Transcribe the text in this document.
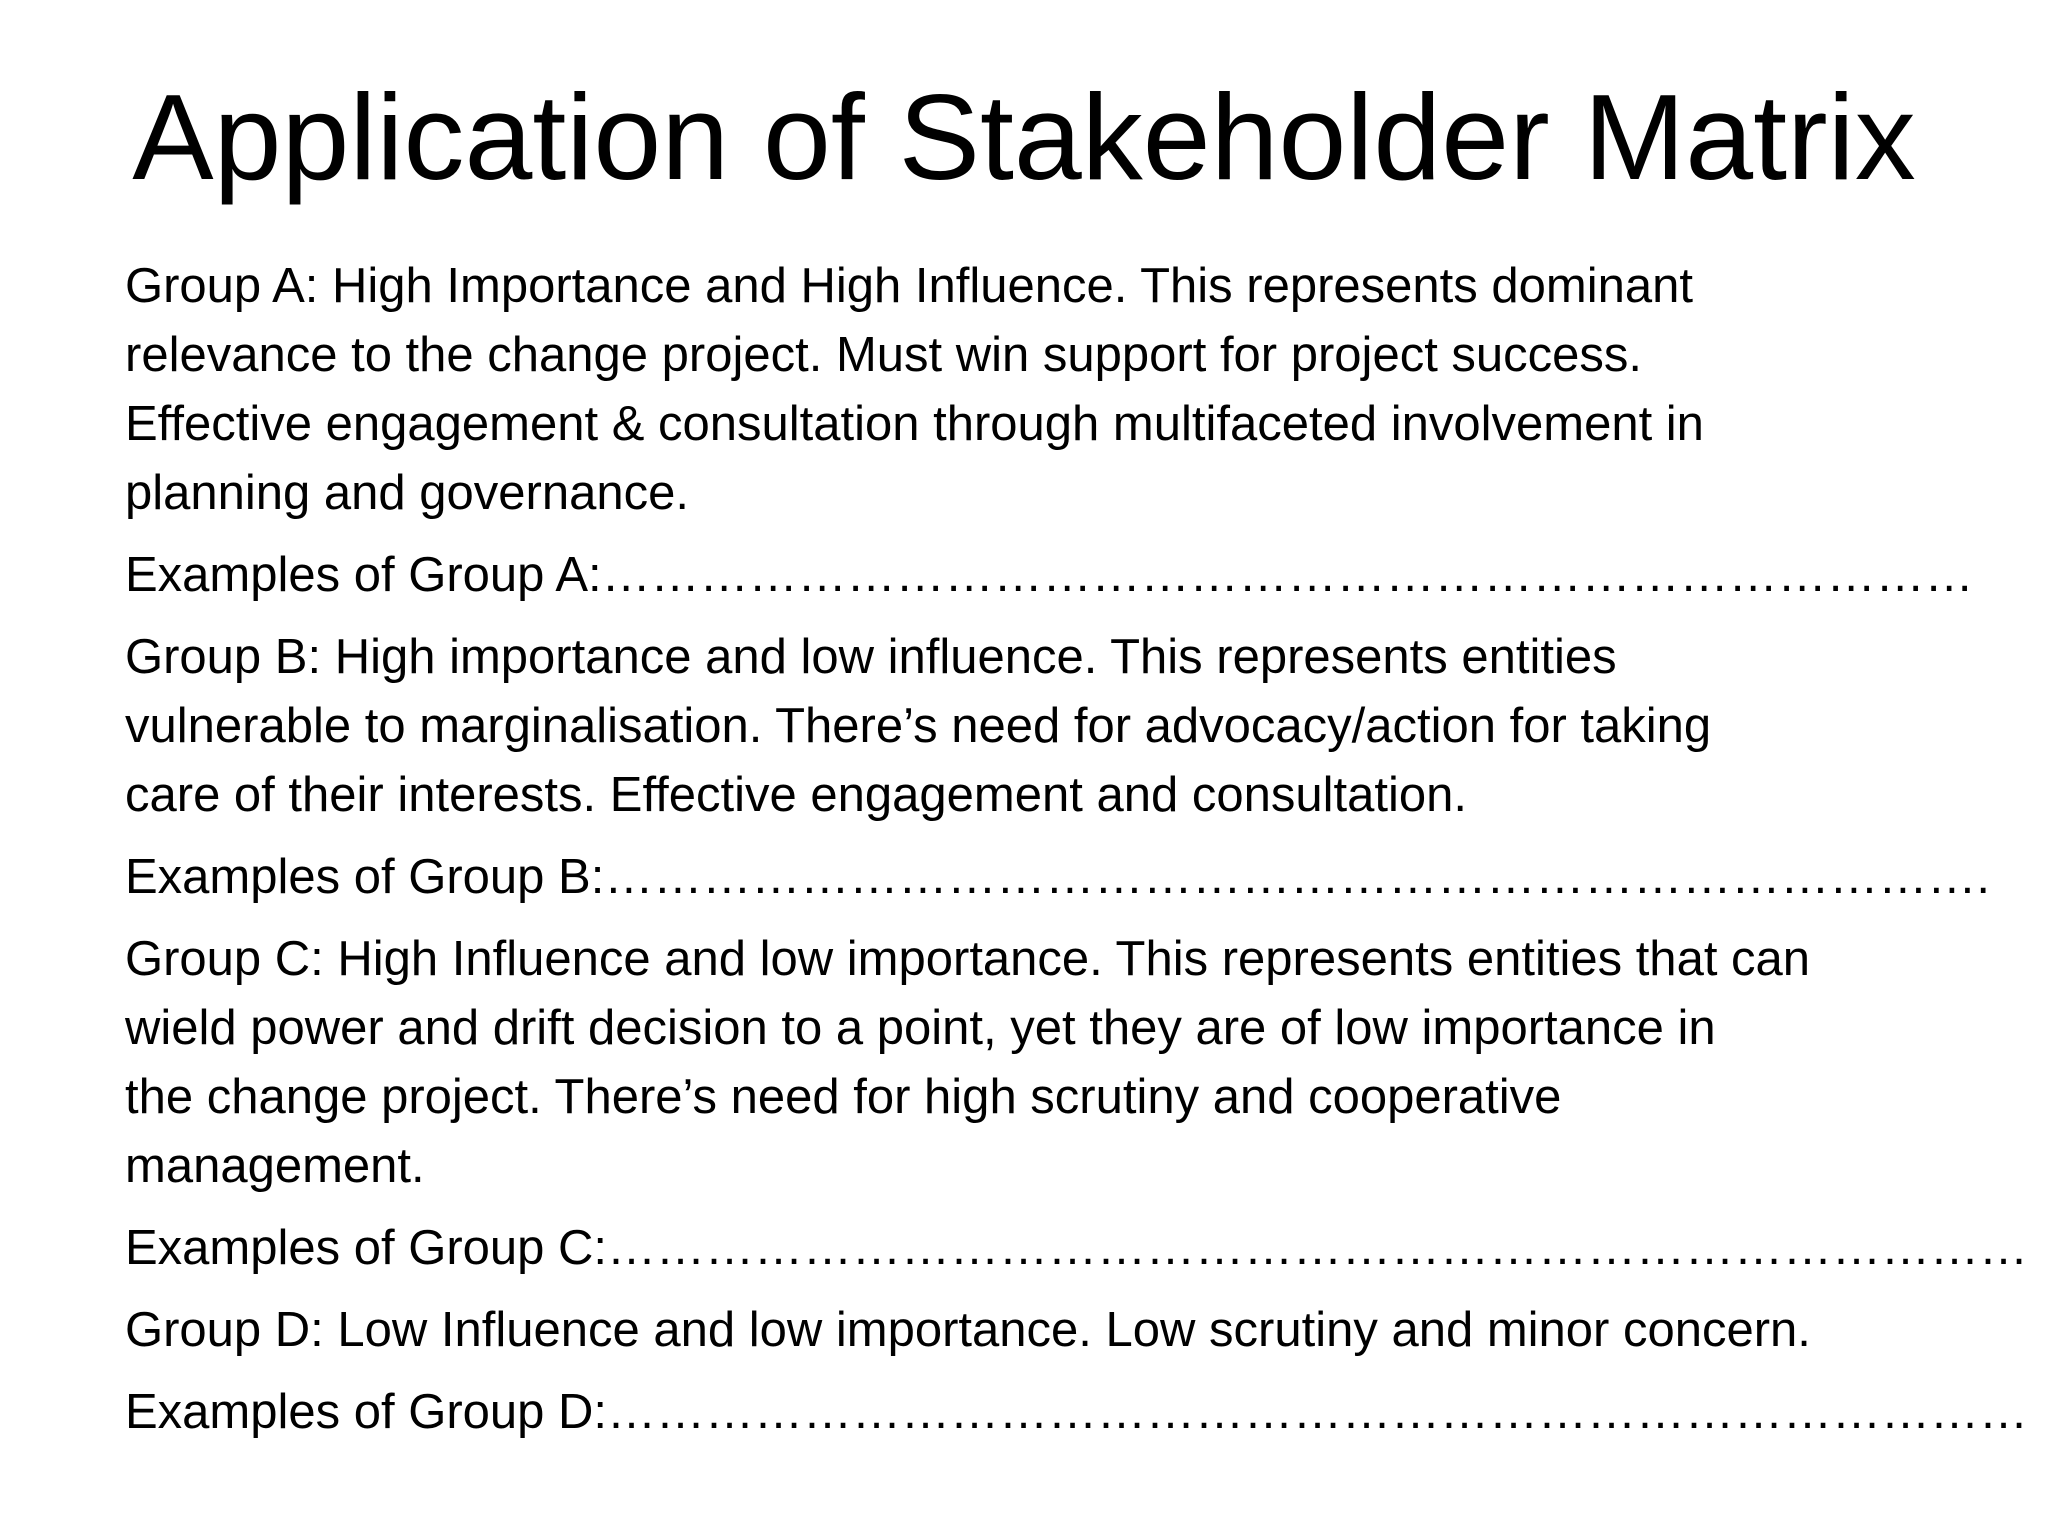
Application of Stakeholder Matrix

Group A: High Importance and High Influence. This represents dominant
relevance to the change project. Must win support for project success.
Effective engagement & consultation through multifaceted involvement in
planning and governance.

Examples of Group A:…………………………………………………………………………

Group B: High importance and low influence. This represents entities
vulnerable to marginalisation. There’s need for advocacy/action for taking
care of their interests. Effective engagement and consultation.

Examples of Group B:………………………………………………………………………….

Group C: High Influence and low importance. This represents entities that can
wield power and drift decision to a point, yet they are of low importance in
the change project. There’s need for high scrutiny and cooperative
management.

Examples of Group C:……………………………………………………………………………

Group D: Low Influence and low importance. Low scrutiny and minor concern.

Examples of Group D:……………………………………………………………………………
